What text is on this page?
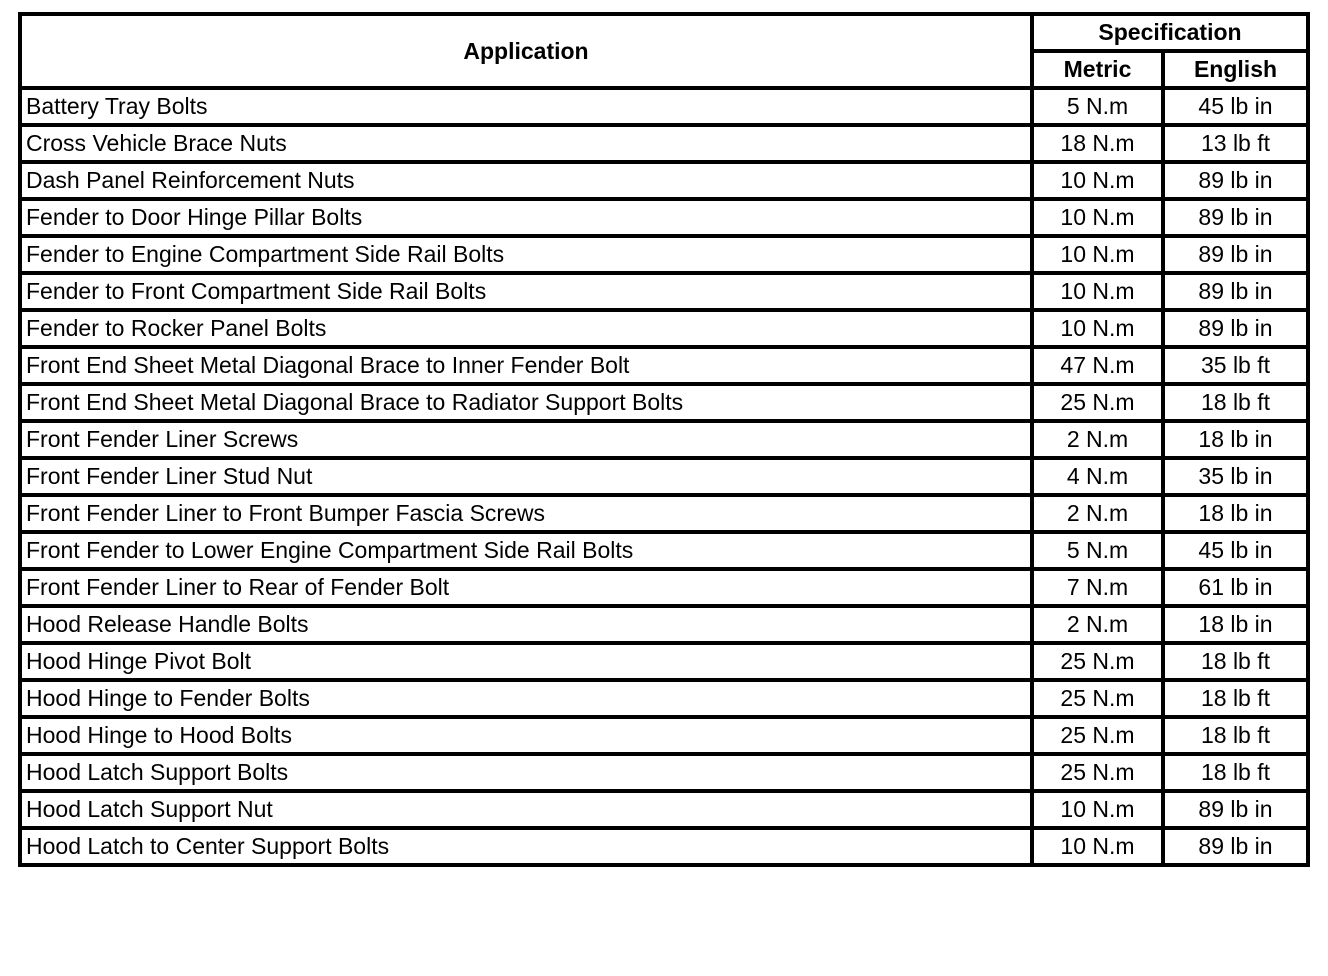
Application	Specification	
	Metric	English
Battery Tray Bolts	5 N.m	45 lb in
Cross Vehicle Brace Nuts	18 N.m	13 lb ft
Dash Panel Reinforcement Nuts	10 N.m	89 lb in
Fender to Door Hinge Pillar Bolts	10 N.m	89 lb in
Fender to Engine Compartment Side Rail Bolts	10 N.m	89 lb in
Fender to Front Compartment Side Rail Bolts	10 N.m	89 lb in
Fender to Rocker Panel Bolts	10 N.m	89 lb in
Front End Sheet Metal Diagonal Brace to Inner Fender Bolt	47 N.m	35 lb ft
Front End Sheet Metal Diagonal Brace to Radiator Support Bolts	25 N.m	18 lb ft
Front Fender Liner Screws	2 N.m	18 lb in
Front Fender Liner Stud Nut	4 N.m	35 lb in
Front Fender Liner to Front Bumper Fascia Screws	2 N.m	18 lb in
Front Fender to Lower Engine Compartment Side Rail Bolts	5 N.m	45 lb in
Front Fender Liner to Rear of Fender Bolt	7 N.m	61 lb in
Hood Release Handle Bolts	2 N.m	18 lb in
Hood Hinge Pivot Bolt	25 N.m	18 lb ft
Hood Hinge to Fender Bolts	25 N.m	18 lb ft
Hood Hinge to Hood Bolts	25 N.m	18 lb ft
Hood Latch Support Bolts	25 N.m	18 lb ft
Hood Latch Support Nut	10 N.m	89 lb in
Hood Latch to Center Support Bolts	10 N.m	89 lb in
